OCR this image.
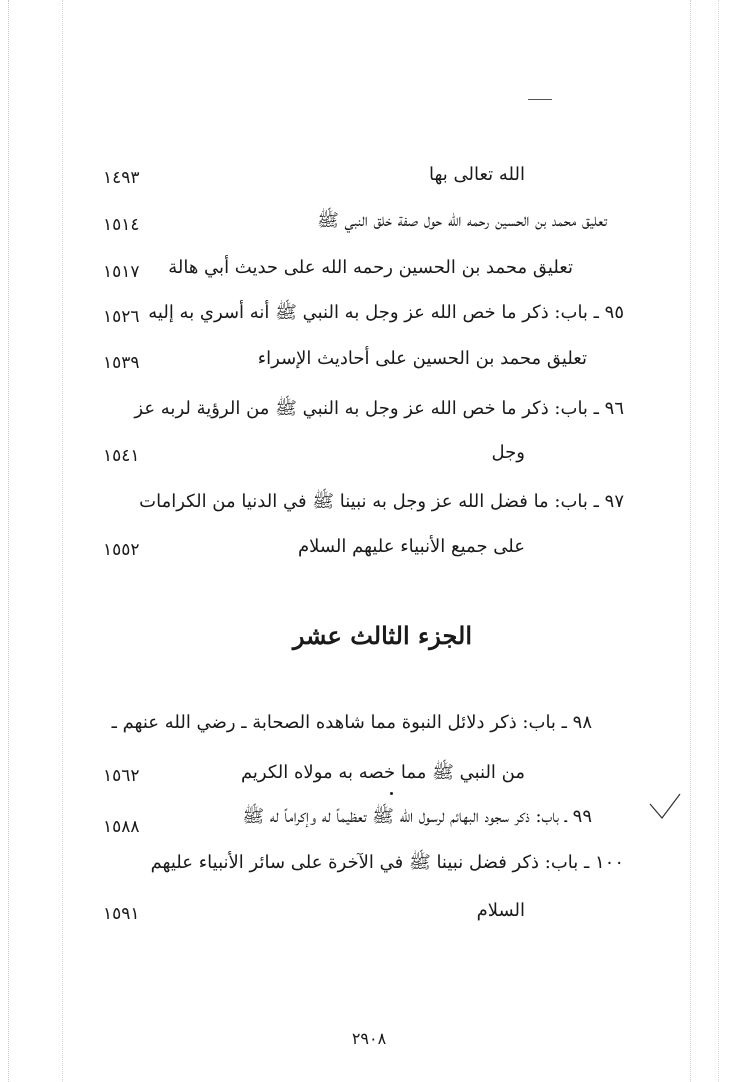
الله تعالى بها
١٤٩٣
تعليق محمد بن الحسين رحمه الله حول صفة خلق النبي ﷺ
١٥١٤
تعليق محمد بن الحسين رحمه الله على حديث أبي هالة
١٥١٧
٩٥ ـ باب: ذكر ما خص الله عز وجل به النبي ﷺ أنه أسري به إليه
١٥٢٦
تعليق محمد بن الحسين على أحاديث الإسراء
١٥٣٩
٩٦ ـ باب: ذكر ما خص الله عز وجل به النبي ﷺ من الرؤية لربه عز
وجل
١٥٤١
٩٧ ـ باب: ما فضل الله عز وجل به نبينا ﷺ في الدنيا من الكرامات
على جميع الأنبياء عليهم السلام
١٥٥٢
الجزء الثالث عشر
٩٨ ـ باب: ذكر دلائل النبوة مما شاهده الصحابة ـ رضي الله عنهم ـ
من النبي ﷺ مما خصه به مولاه الكريم
١٥٦٢
٩٩ ـ باب: ذكر سجود البهائم لرسول الله ﷺ تعظيماً له وإكراماً له ﷺ
١٥٨٨
١٠٠ ـ باب: ذكر فضل نبينا ﷺ في الآخرة على سائر الأنبياء عليهم
السلام
١٥٩١
٢٩٠٨
